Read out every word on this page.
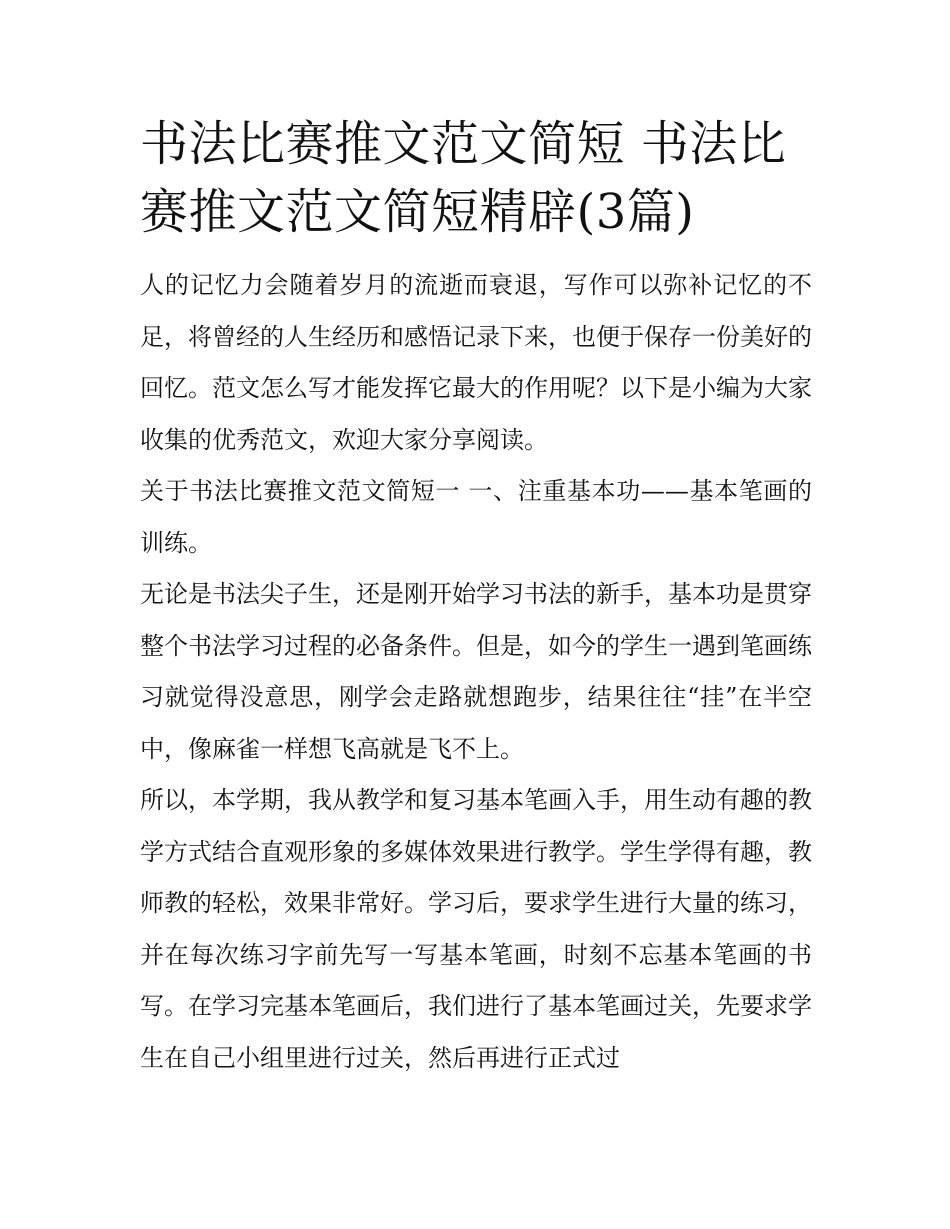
书法比赛推文范文简短 书法比赛推文范文简短精辟(3篇)

人的记忆力会随着岁月的流逝而衰退，写作可以弥补记忆的不足，将曾经的人生经历和感悟记录下来，也便于保存一份美好的回忆。范文怎么写才能发挥它最大的作用呢？以下是小编为大家收集的优秀范文，欢迎大家分享阅读。

关于书法比赛推文范文简短一 一、注重基本功——基本笔画的训练。

无论是书法尖子生，还是刚开始学习书法的新手，基本功是贯穿整个书法学习过程的必备条件。但是，如今的学生一遇到笔画练习就觉得没意思，刚学会走路就想跑步，结果往往“挂”在半空中，像麻雀一样想飞高就是飞不上。

所以，本学期，我从教学和复习基本笔画入手，用生动有趣的教学方式结合直观形象的多媒体效果进行教学。学生学得有趣，教师教的轻松，效果非常好。学习后，要求学生进行大量的练习，并在每次练习字前先写一写基本笔画，时刻不忘基本笔画的书写。在学习完基本笔画后，我们进行了基本笔画过关，先要求学生在自己小组里进行过关，然后再进行正式过
